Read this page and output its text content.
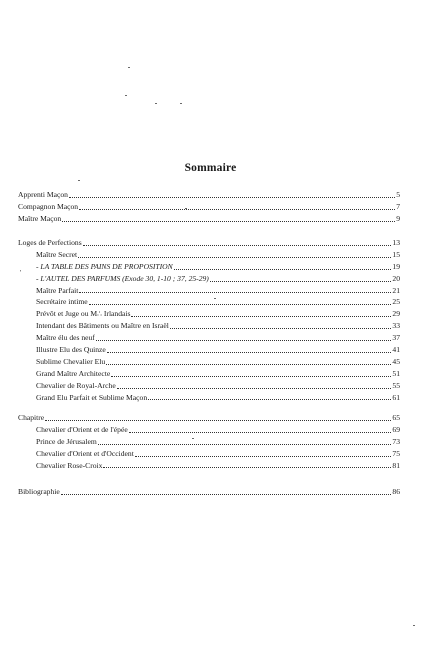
Sommaire
Apprenti Maçon	5
Compagnon Maçon	7
Maître Maçon	9
Loges de Perfections	13
Maître Secret	15
- LA TABLE DES PAINS DE PROPOSITION	19
- L'AUTEL DES PARFUMS (Exode 30, 1-10 ; 37, 25-29)	20
Maître Parfait	21
Secrétaire intime	25
Prévôt et Juge ou M∴ Irlandais	29
Intendant des Bâtiments ou Maître en Israël	33
Maître élu des neuf	37
Illustre Elu des Quinze	41
Sublime Chevalier Elu	45
Grand Maître Architecte	51
Chevalier de Royal-Arche	55
Grand Elu Parfait et Sublime Maçon	61
Chapitre	65
Chevalier d'Orient et de l'épée	69
Prince de Jérusalem	73
Chevalier d'Orient et d'Occident	75
Chevalier Rose-Croix	81
Bibliographie	86
'
